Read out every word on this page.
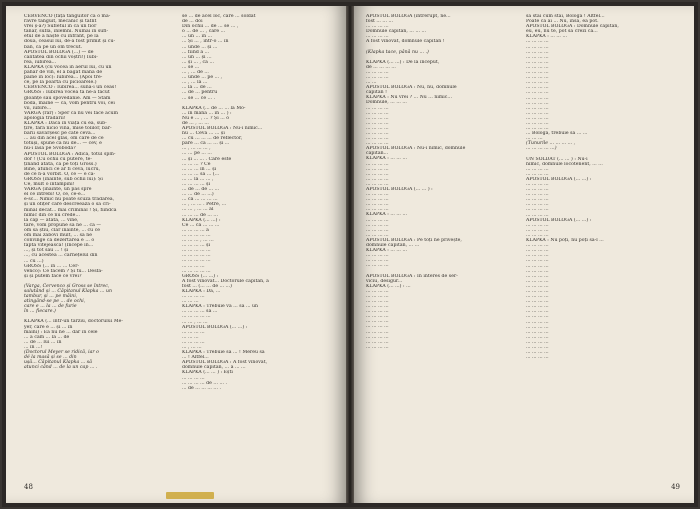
CERVENCO (față tânguitor ca o ma-
ravre tânguit, mecanic și tâflit
vrei ș-a?) Sufletul în ca un fior
tânăr, suflă, înlemni. Numai în sufl-
etul de a naște cu înfrânt, pe la
două, ceasul lui, de-a fost primit și cu-
ban, ca pe un om trecut.
APOSTOL BOLOGA (...) — de
calitatea din ochii voștri!) Iubi-
rea, iubirea...
KLAPKA (cu vocea în aerul lui, cu un
pahar de vin, el a băgat mâna de
pâine în loc): Iubirea... (Apoi tre-
ce, pe la poartă cu picioarele.)
CERVENCO : Iubirea... sună-i un ceas!
GROSS : Iubirea vocea ta ne-a făcut
gloanțe sau spovedanie. Am — Stăm
boda, mâine — ca, vom pentru voi, cei
vii, iubire...
VARGA (rar) : Sper că nu vei face acum
apologia trădării!
KLAPKA : Dacă în viață cu ea, sub-
țire, fără nicio vină, mise tolilor, bar-
barii săvârșesc pe câte ceva...
... au din acel glas, om care de ce
totuși, spune că nu de... — cev, e
nu-i lasă pe Svoboda?
APOSTOL BOLOGA : Adică, totul spln-
dor ! (Cu ochii cu putere, te-
ținand atâta, ca pe toți Gross.)
Bine, atunci ce ar fi ceva, lucru,
de ce n-a vorbit. O, ce — e că-
GROSS (înainte, sub ochii lui): Și
Ce, mult o întâmpini!
VARGA (înainte, un pas spre
el ce întrebi! O, ce, ce-e...
e-sc... Nimic nu poate scuza trădarea,
și un ofițer care descreează o să cri-
minal decât... mai criminal ! Și, fiindcă
nimic din ce nu crede...
la cap — atâta, ... vine,
tare, vom propune să ne ... că —
om să știu, clar înainte, ... cu ce
om mai zâbovi mult, ... să ne
convinge că dezertarea e ... o
faptă vitejească! (Începe în...
..., și tot sau ... ! și
..., cu acestea ... carnețelul din
... cu ...)
GROSS (... în ... ... Cer-
venco): Ce facem ? Și tu... Desfă-
și și putem face ce vrei?
(Varga, Cervenco și Gross se întrec,
salutând și ... Căpitanul Klapka ... un
tambur, și ... pe mâini,
atingând-se pe ... de ochi,
care e ... la ... de furie
în ... fiecare.)
KLAPKA (... într-un târziu, doctorului Me-
yer, care e ... și ... în
mâini) : Ea nu ne ... dar în cele
... a cam ... la ... de
... de ... lui ... în
... în ...!
(Doctorul Meyer se ridică, iar o
dé la masă și se ... din
ușă... Căpitanul Klapka ... să
atunci când ... de la un cap ... .
se ... de acel loc, care ... soldat
de ... doi
Din ochii ... de ... se ... ,
o ... de ... , care ...
... un ... în ...
... Și ... , într-o ... în
... unde ... și ...
... fiind a ...
... un ... și ...
... și ... , că ...
... se ...
... , ... de ...
... unde ... pe ... ,
... , ... la ...
... la ... de ...
... de ... pentru
... se ... ce ... .
KLAPKA (... de ... ... la Mo-
... în mâna ... în ... ) :
Nu e ... , ... ? Și ... o
de ... , ... ...
APOSTOL BOLOGA : Nu-i nimic...
nu ... Ceva ... ... și
... cu ... ... ... de reflector,
pare ... ca ... ... și ...
... , ... ... ... ,
... ... pe ... ...
... și ... ... . Care este
... ... ... ? Ce
... ... ... în ... și
... ... ... să ... (...
... ... la ... ... ,
... ... ... ... și
... de ... de ... ...
... ... de ... ...)
... că ... ... ... ...
... , ... ... . Petre, ...
... ... , ... ... al
... ... ... de ... ...
KLAPKA (... ...) :
Ce ... că ... ... ...
... ... ... ... a
... ... ... ... ...
... ... ... , ... ...
... ... ... ... și
... ... ... ... ...
... ... ... ... ...
... ... ... ... ...
... ... ... ...
... ... ... ... ...
GROSS (... ...) :
A fost vinovat... Doctorule căpitan, a
fost ... (... ... de ... ...)
KLAPKA : Da, ...
... ... ... ...
... ... ...
KLAPKA : Trebuie vă ... să ... un
... ... ... ... să ...
... ... ... ... ...
... ... , ... ...
APOSTOL BOLOGA (... ...) :
... ... ... ...
... ... ...
... ... ... ...
... , ... ...
KLAPKA : Trebuie să ... ! Mereu să
... ! Altfel...
APOSTOL BOLOGA : A fost vinovat,
domnule căpitan, ... a ... ...
KLAPKA (... ... ) : Ești
... ... ... ...
... ... ... ... de ... ... .
... de ... ... ... ... .
48
APOSTOL BOLOGA (întrerupt, ne...
fost ... ... ...
... ... ... ...
Domnule căpitan, ... ... ...
... ... ... ...
A fost vinovat, domnule căpitan !
(Klapka tace, până nu ... .)
KLAPKA (... ...) : De la început,
de ... ... ... ...
... ... ... ...
... ... ... ...
... ...
APOSTOL BOLOGA : Nu, nu, domnule
căpitan !
KLAPKA : Nu vrei ? ... Nu ... nimic...
Domnule, ... ... ...
... ... ... ...
... ... ... ...
... ... ... ...
... ... ... ...
... ... ... ...
... ... ... ...
... ... ... ...
... ... ... ...
APOSTOL BOLOGA : Nu-i nimic, domnule
căpitan...
KLAPKA : ... ... ...
... ... ... ...
... ... ... ...
... ... ... ...
... ... ... ...
... ... ... ...
APOSTOL BOLOGA (... ... ) :
... ... ... ...
... ... ... ...
... ... ... ...
... ... ... ...
KLAPKA : ... ... ...
... ... ... ...
... ... ... ...
... ... ... ...
... ... ... ...
APOSTOL BOLOGA : Pe toți ne privește,
domnule căpitan, ... ...
KLAPKA : ... ... ...
... ... ... ...
... ... ... ...
... ... ... ...
APOSTOL BOLOGA : În interes de ser-
viciu, desigur...
KLAPKA (... ...) : ...
... ... ... ...
... ... ... ...
... ... ... ...
... ... ... ...
... ... ... ...
... ... ... ...
... ... ... ...
... ... ... ...
... ... ... ...
... ... ... ...
... ... ... ...
... ... ... ...
să stai cum stai, Bologa ! Altfel...
Poate că ai ... Nu, însă, ea pot.
APOSTOL BOLOGA : Domnule căpitan,
eu, eu, nu te, pot să crezi că...
KLAPKA : ... ... ...
... ... ... ...
... ... ... ...
... ... ... ...
... ... ... ...
... ... ... ...
... ... ... ...
... ... ... ...
... ... ... ...
... ... ... ...
... ... ... ...
... ... ... ...
... ... ... ...
... ... ... ...
... ... ... ...
... ... ... ...
... ... ... ...
... ... ... ...
... ... ... ...
... Bologa, trebuie să ... ...
... ... ...
(Tunurile ... ... ... ... ,
... ... ... ... ...)
UN SOLDAT (... ... ) : Nu-i
nimic, domnule locotenent, ... ...
... ... ... ...
... ... ... ...
APOSTOL BOLOGA (... ...) :
... ... ... ...
... ... ... ...
... ... ... ...
... ... ... ...
... ... ... ...
... ... ... ...
... ... ... ...
APOSTOL BOLOGA (... ...) :
... ... ... ...
... ... ... ...
... ... ... ...
KLAPKA : Nu poți, nu poți să-l ...
... ... ... ...
... ... ... ...
... ... ... ...
... ... ... ...
... ... ... ...
... ... ... ...
... ... ... ...
... ... ... ...
... ... ... ...
... ... ... ...
... ... ... ...
... ... ... ...
... ... ... ...
... ... ... ...
... ... ... ...
... ... ... ...
... ... ... ...
... ... ... ...
... ... ... ...
... ... ... ...
... ... ... ...
... ... ... ...
... ... ... ...
49
